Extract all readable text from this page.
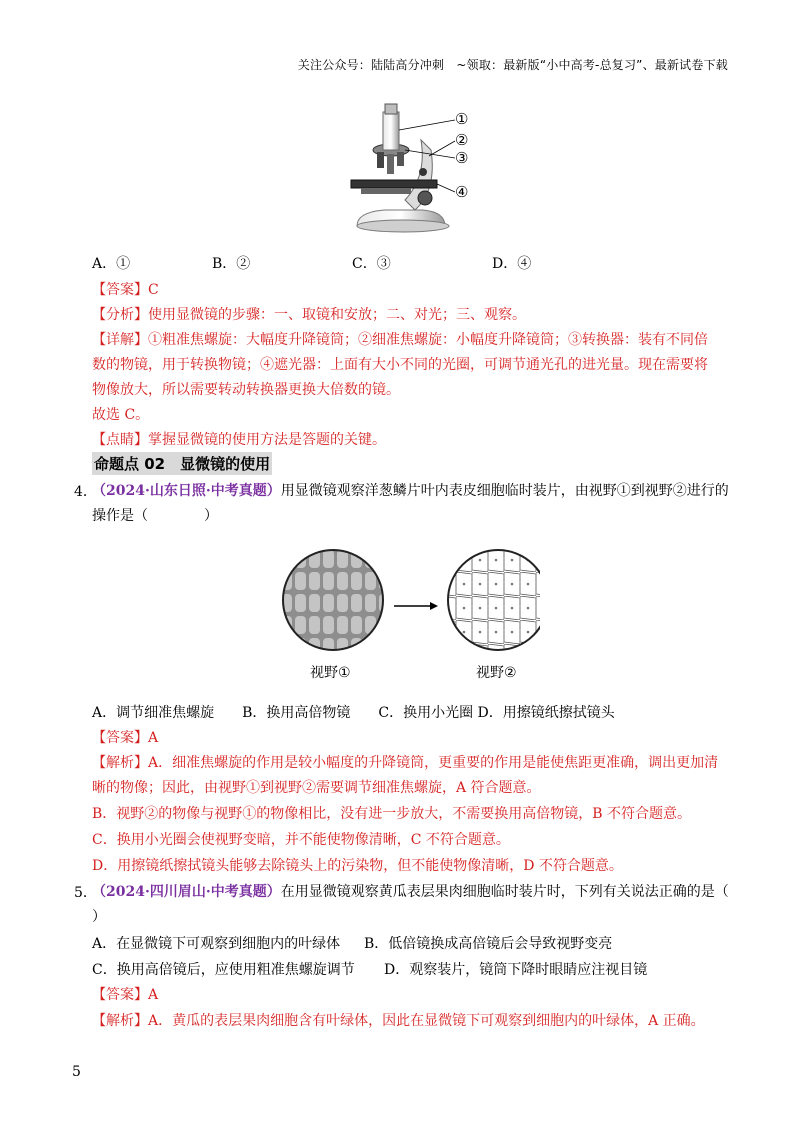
关注公众号：陆陆高分冲刺　~领取：最新版“小中高考-总复习”、最新试卷下载
①
②
③
④
A．①	B．②	C．③	D．④
【答案】C
【分析】使用显微镜的步骤：一、取镜和安放；二、对光；三、观察。
【详解】①粗准焦螺旋：大幅度升降镜筒；②细准焦螺旋：小幅度升降镜筒；③转换器：装有不同倍
数的物镜，用于转换物镜；④遮光器：上面有大小不同的光圈，可调节通光孔的进光量。现在需要将
物像放大，所以需要转动转换器更换大倍数的镜。
故选 C。
【点睛】掌握显微镜的使用方法是答题的关键。
命题点 02　显微镜的使用
4．
（2024·山东日照·中考真题）用显微镜观察洋葱鳞片叶内表皮细胞临时装片，由视野①到视野②进行的
操作是（　　　　）
视野①	视野②
A．调节细准焦螺旋　　B．换用高倍物镜　　C．换用小光圈 D．用擦镜纸擦拭镜头
【答案】A
【解析】A．细准焦螺旋的作用是较小幅度的升降镜筒，更重要的作用是能使焦距更准确，调出更加清
晰的物像；因此，由视野①到视野②需要调节细准焦螺旋，A 符合题意。
B．视野②的物像与视野①的物像相比，没有进一步放大，不需要换用高倍物镜，B 不符合题意。
C．换用小光圈会使视野变暗，并不能使物像清晰，C 不符合题意。
D．用擦镜纸擦拭镜头能够去除镜头上的污染物，但不能使物像清晰，D 不符合题意。
5．
（2024·四川眉山·中考真题）在用显微镜观察黄瓜表层果肉细胞临时装片时，下列有关说法正确的是（
）
A．在显微镜下可观察到细胞内的叶绿体 B．低倍镜换成高倍镜后会导致视野变亮
C．换用高倍镜后，应使用粗准焦螺旋调节 D．观察装片，镜筒下降时眼睛应注视目镜
【答案】A
【解析】A．黄瓜的表层果肉细胞含有叶绿体，因此在显微镜下可观察到细胞内的叶绿体，A 正确。
5
